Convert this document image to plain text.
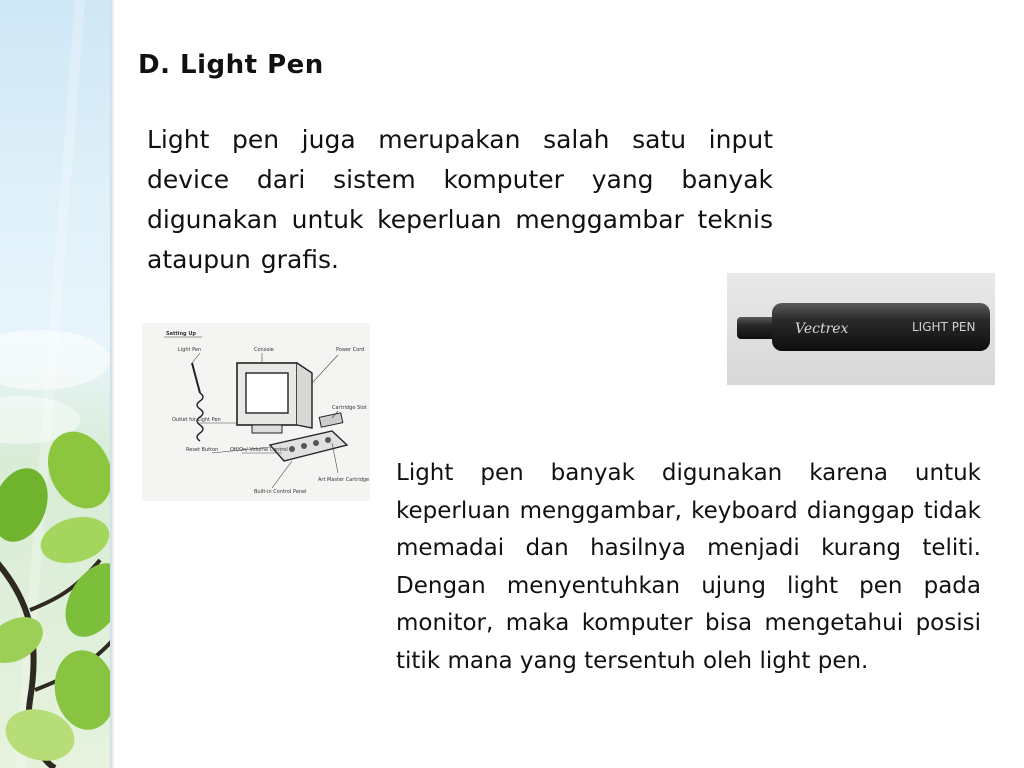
D. Light Pen

Light pen juga merupakan salah satu input device dari sistem komputer yang banyak digunakan untuk keperluan menggambar teknis ataupun grafis.

Setting Up
Light Pen	Console	Power Cord
Cartridge Slot
Outlet for Light Pen
Reset Button Off/On/ Volume Control
Built-in Control Panel
Art Master Cartridge
Vectrex	LIGHT PEN

Light pen banyak digunakan karena untuk keperluan menggambar, keyboard dianggap tidak memadai dan hasilnya menjadi kurang teliti. Dengan menyentuhkan ujung light pen pada monitor, maka komputer bisa mengetahui posisi titik mana yang tersentuh oleh light pen.
